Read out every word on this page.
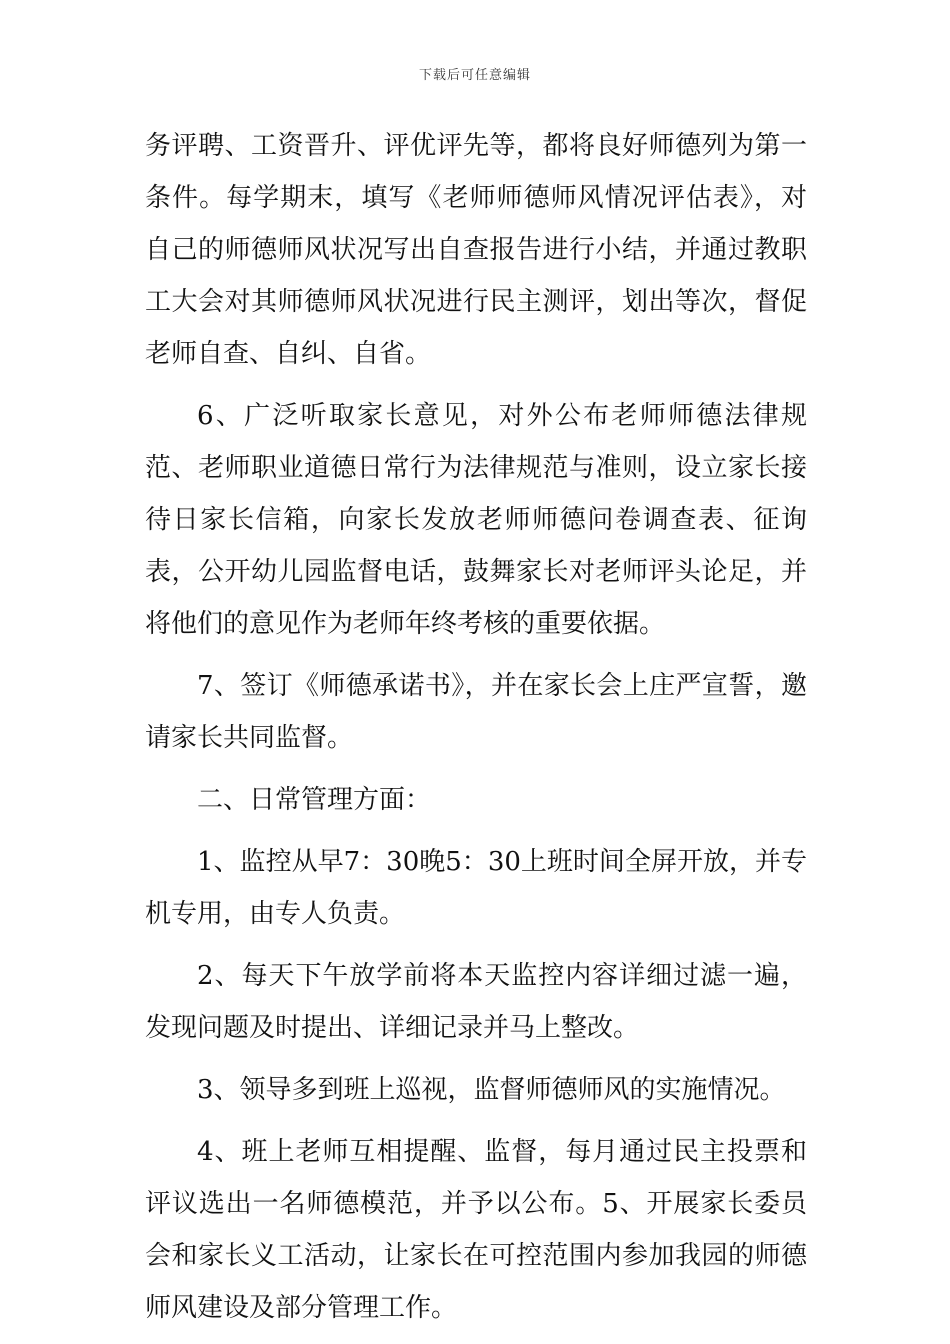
下载后可任意编辑

务评聘、工资晋升、评优评先等，都将良好师德列为第一条件。每学期末，填写《老师师德师风情况评估表》，对自己的师德师风状况写出自查报告进行小结，并通过教职工大会对其师德师风状况进行民主测评，划出等次，督促老师自查、自纠、自省。

6、广泛听取家长意见，对外公布老师师德法律规范、老师职业道德日常行为法律规范与准则，设立家长接待日家长信箱，向家长发放老师师德问卷调查表、征询表，公开幼儿园监督电话，鼓舞家长对老师评头论足，并将他们的意见作为老师年终考核的重要依据。

7、签订《师德承诺书》，并在家长会上庄严宣誓，邀请家长共同监督。

二、日常管理方面：

1、监控从早7：30晚5：30上班时间全屏开放，并专机专用，由专人负责。

2、每天下午放学前将本天监控内容详细过滤一遍，发现问题及时提出、详细记录并马上整改。

3、领导多到班上巡视，监督师德师风的实施情况。

4、班上老师互相提醒、监督，每月通过民主投票和评议选出一名师德模范，并予以公布。5、开展家长委员会和家长义工活动，让家长在可控范围内参加我园的师德师风建设及部分管理工作。
